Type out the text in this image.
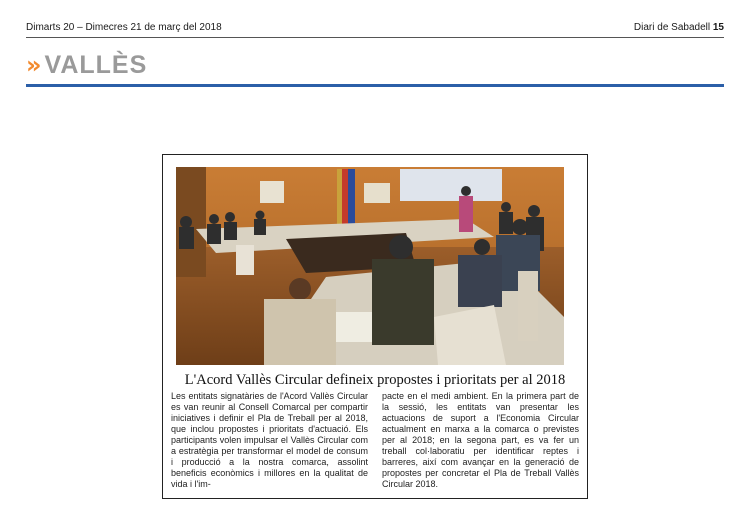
Dimarts 20 – Dimecres 21 de març del 2018	Diari de Sabadell 15
» VALLÈS
L'Acord Vallès Circular defineix propostes i prioritats per al 2018
Les entitats signatàries de l'Acord Vallès Circular es van reunir al Consell Comarcal per compartir iniciatives i definir el Pla de Treball per al 2018, que inclou propostes i prioritats d'actuació. Els participants volen impulsar el Vallès Circular com a estratègia per transformar el model de consum i producció a la nostra comarca, assolint beneficis econòmics i millores en la qualitat de vida i l'im-
pacte en el medi ambient. En la primera part de la sessió, les entitats van presentar les actuacions de suport a l'Economia Circular actualment en marxa a la comarca o previstes per al 2018; en la segona part, es va fer un treball col·laboratiu per identificar reptes i barreres, així com avançar en la generació de propostes per concretar el Pla de Treball Vallès Circular 2018.
